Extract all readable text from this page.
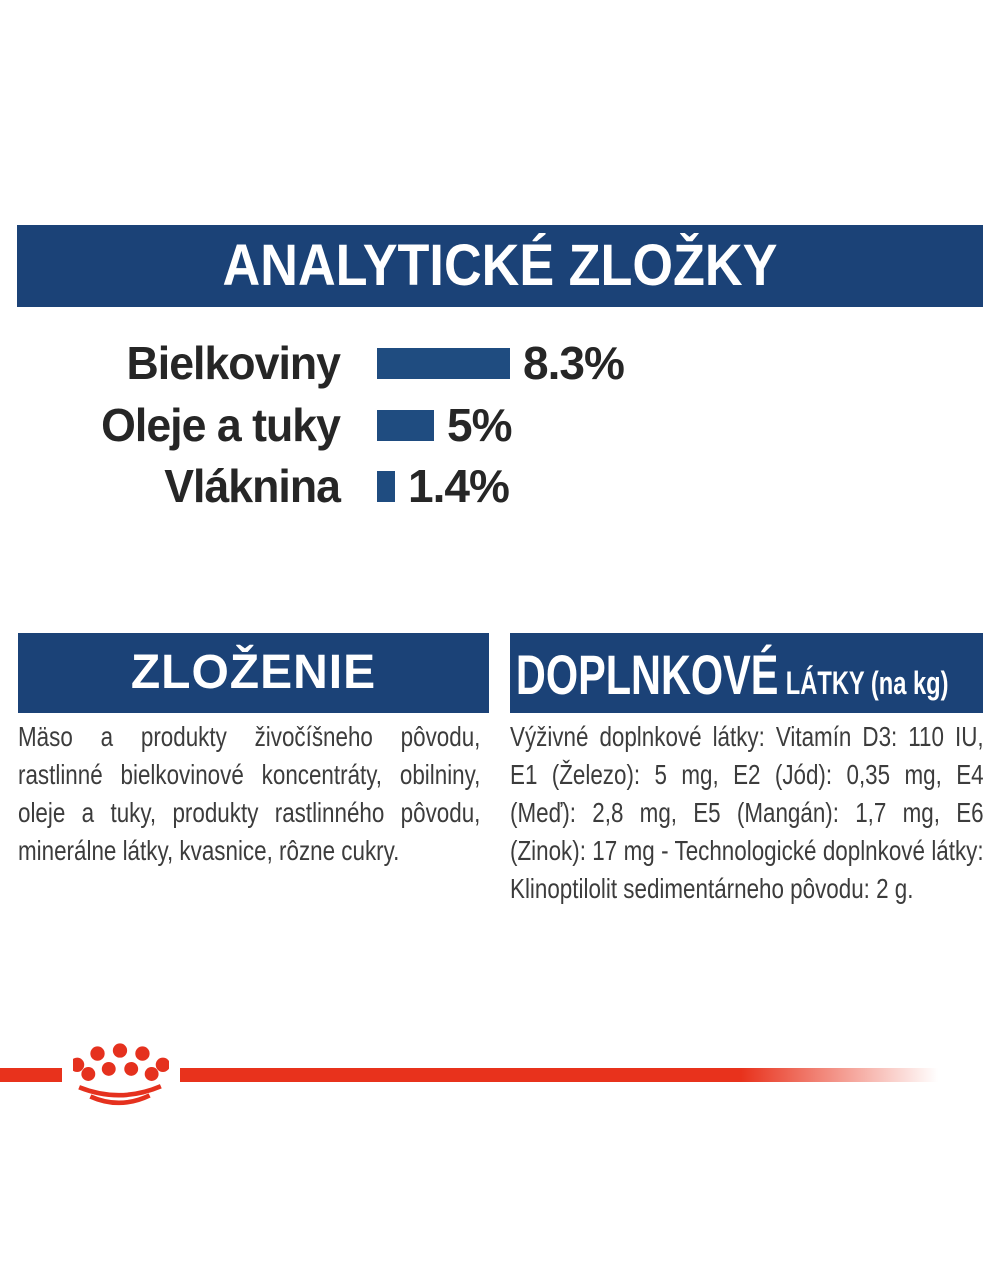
ANALYTICKÉ ZLOŽKY
Bielkoviny	8.3%
Oleje a tuky 5%
Vláknina 1.4%
ZLOŽENIE

Mäso a produkty živočíšneho pôvodu, rastlinné bielkovinové koncentráty, obilniny, oleje a tuky, produkty rastlinného pôvodu, minerálne látky, kvasnice, rôzne cukry.

DOPLNKOVÉ LÁTKY (na kg)

Výživné doplnkové látky: Vitamín D3: 110 IU, E1 (Železo): 5 mg, E2 (Jód): 0,35 mg, E4 (Meď): 2,8 mg, E5 (Mangán): 1,7 mg, E6 (Zinok): 17 mg - Technologické doplnkové látky: Klinoptilolit sedimentárneho pôvodu: 2 g.
